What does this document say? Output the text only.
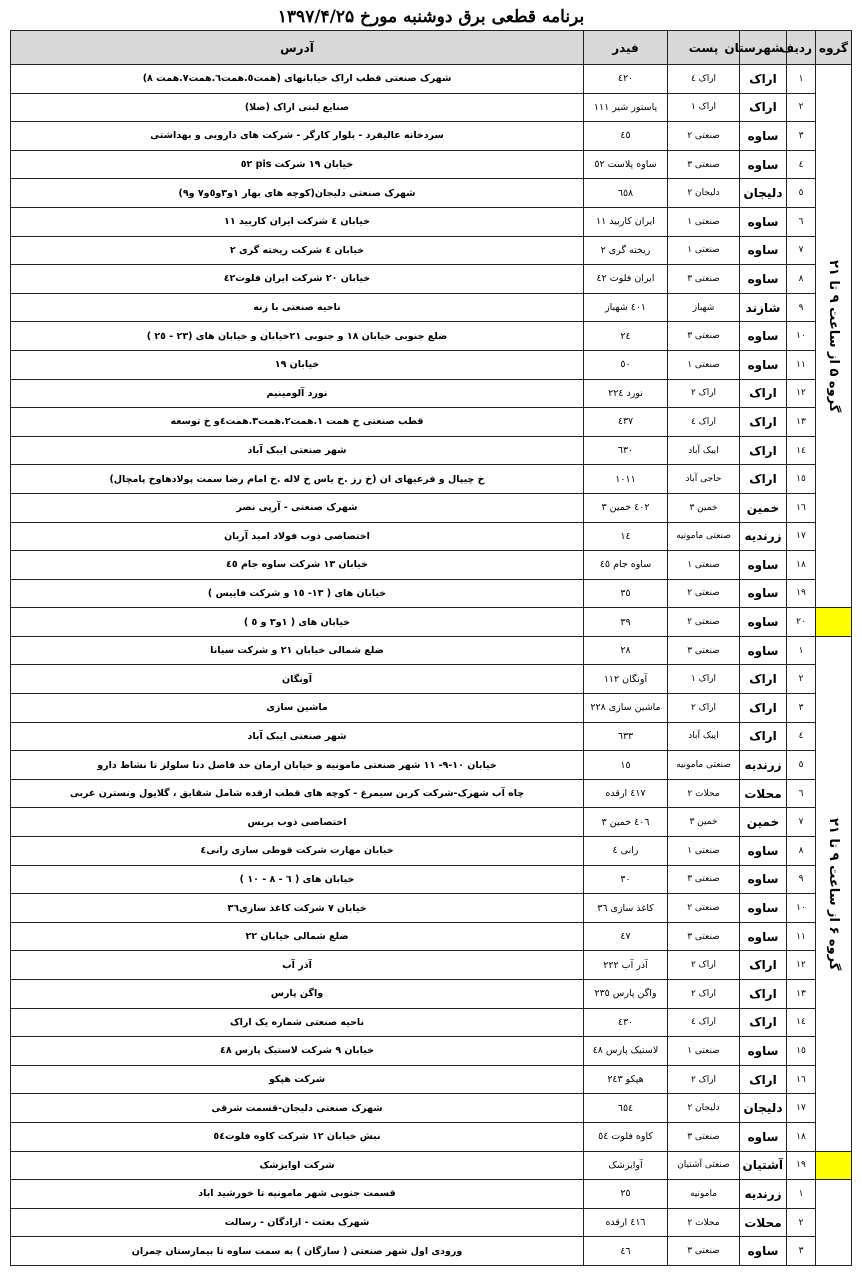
برنامه قطعی برق دوشنبه مورخ ۱۳۹۷/۴/۲۵
گروه	ردیف	شهرستان	پست	فیدر	آدرس

گروه ۵ از ساعت ۹ تا ۲۱	۱	اراک	اراک ٤	٤٢٠	شهرک صنعتی قطب اراک خیابانهای (همت٥.همت٦.همت٧.همت ٨)
	۲	اراک	اراک ۱	پاستور شیر ۱۱۱	صنایع لبنی اراک (صلا)
	۳	ساوه	صنعتی ۲	٤٥	سردخانه عالیفرد - بلوار کارگر - شرکت های دارویی و بهداشتی
	٤	ساوه	صنعتی ۳	ساوه پلاست ٥٢	خیابان ١٩ شرکت pis ٥٢
	٥	دلیجان	دلیجان ٢	٦٥٨	شهرک صنعتی دلیجان(کوچه های بهار ١و٣و٥و٧ و٩)
	٦	ساوه	صنعتی ۱	ایران کاربید ١١	خیابان ٤ شرکت ایران کاربید ١١
	٧	ساوه	صنعتی ۱	ریخته گری ٢	خیابان ٤ شرکت ریخته گری ٢
	٨	ساوه	صنعتی ۳	ایران فلوت ٤٢	خیابان ٢٠ شرکت ایران فلوت٤٢
	٩	شازند	شهباز	٤٠١ شهباز	ناحیه صنعتی با زنه
	١٠	ساوه	صنعتی ۳	٢٤	ضلع جنوبی خیابان ١٨ و جنوبی ٢١خیابان و خیابان های (٢٣ - ٢٥ )
	١١	ساوه	صنعتی ۱	٥٠	خیابان ١٩
	١٢	اراک	اراک ٢	نورد ٢٢٤	نورد آلومینیم
	١٣	اراک	اراک ٤	٤٣٧	قطب صنعتی خ همت ١.همت٢.همت٣.همت٤و خ توسعه
	١٤	اراک	ایبک آباد	٦٣٠	شهر صنعتی ایبک آباد
	١٥	اراک	حاجی آباد	١٠١١	خ چیپال و فرعیهای ان (خ رز .خ یاس خ لاله .خ امام رضا سمت پولادهاوخ پامچال)
	١٦	خمین	خمین ٣	٤٠٢ خمین ٣	شهرک صنعتی - آرپی نصر
	١٧	زرندیه	صنعتی مامونیه	١٤	اختصاصی ذوب فولاد امید آریان
	١٨	ساوه	صنعتی ۱	ساوه جام ٤٥	خیابان ١٣ شرکت ساوه جام ٤٥
	١٩	ساوه	صنعتی ۲	٣٥	خیابان های ( ١٣- ١٥ و شرکت فاییس )
	٢٠	ساوه	صنعتی ۲	٣٩	خیابان های ( ١و٣ و ٥ )

گروه ۶ از ساعت ۹ تا ۲۱	١	ساوه	صنعتی ۳	٢٨	ضلع شمالی خیابان ٢١ و شرکت سیانا
	٢	اراک	اراک ١	آونگان ١١٢	آونگان
	٣	اراک	اراک ٢	ماشین سازی ٢٢٨	ماشین سازی
	٤	اراک	ایبک آباد	٦٣٣	شهر صنعتی ایبک آباد
	٥	زرندیه	صنعتی مامونیه	١٥	خیابان ١٠-٩- ١١ شهر صنعتی مامونیه و خیابان ارمان حد فاصل دنا سلولز تا نشاط دارو
	٦	محلات	محلات ٢	٤١٧ ارقده	چاه آب شهرک-شرکت کربن سیمرغ - کوچه های قطب ارقده شامل شقایق ، گلایول ونسترن غربی
	٧	خمین	خمین ٣	٤٠٦ خمین ٣	اختصاصی ذوب بریس
	٨	ساوه	صنعتی ۱	رانی ٤	خیابان مهارت شرکت قوطی سازی رانی٤
	٩	ساوه	صنعتی ۳	٣٠	خیابان های ( ٦ - ٨ - ١٠ )
	١٠	ساوه	صنعتی ۲	کاغذ سازی ٣٦	خیابان ٧ شرکت کاغذ سازی٣٦
	١١	ساوه	صنعتی ۳	٤٧	ضلع شمالی خیابان ٢٢
	١٢	اراک	اراک ٢	آذر آب ٢٢٢	آذر آب
	١٣	اراک	اراک ٢	واگن پارس ٢٣٥	واگن پارس
	١٤	اراک	اراک ٤	٤٣٠	ناحیه صنعتی شماره یک اراک
	١٥	ساوه	صنعتی ۱	لاستیک پارس ٤٨	خیابان ٩ شرکت لاستیک پارس ٤٨
	١٦	اراک	اراک ٢	هپکو ٢٤٣	شرکت هپکو
	١٧	دلیجان	دلیجان ٢	٦٥٤	شهرک صنعتی دلیجان-قسمت شرقی
	١٨	ساوه	صنعتی ۳	کاوه فلوت ٥٤	نبش خیابان ١٢ شرکت کاوه فلوت٥٤
	١٩	آشتیان	صنعتی آشتیان	آوایزشک	شرکت اوایزشک
	١	زرندیه	مامونیه	٢٥	قسمت جنوبی شهر مامونیه تا خورشید اباد
	٢	محلات	محلات ٢	٤١٦ ارقده	شهرک بعثت - ازادگان - رسالت
	٣	ساوه	صنعتی ۳	٤٦	ورودی اول شهر صنعتی ( سازگان ) به سمت ساوه تا بیمارستان چمران
